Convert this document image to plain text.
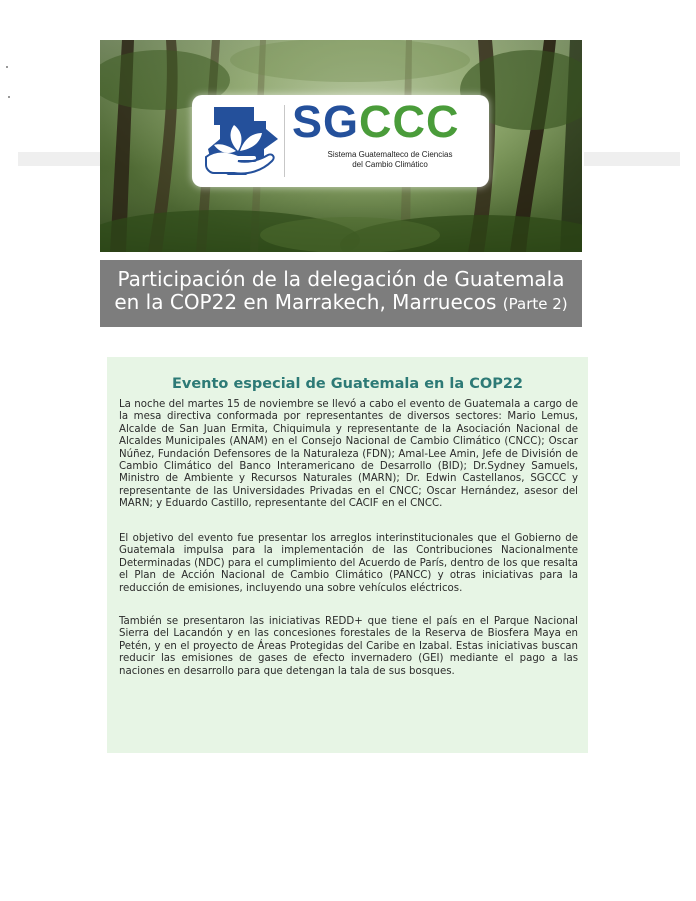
SGCCC
Sistema Guatemalteco de Ciencias
del Cambio Climático
Participación de la delegación de Guatemala
en la COP22 en Marrakech, Marruecos (Parte 2)
Evento especial de Guatemala en la COP22

La noche del martes 15 de noviembre se llevó a cabo el evento de Guatemala a cargo de la mesa directiva conformada por representantes de diversos sectores: Mario Lemus, Alcalde de San Juan Ermita, Chiquimula y representante de la Asociación Nacional de Alcaldes Municipales (ANAM) en el Consejo Nacional de Cambio Climático (CNCC); Oscar Núñez, Fundación Defensores de la Naturaleza (FDN); Amal-Lee Amin, Jefe de División de Cambio Climático del Banco Interamericano de Desarrollo (BID); Dr.Sydney Samuels, Ministro de Ambiente y Recursos Naturales (MARN); Dr. Edwin Castellanos, SGCCC y representante de las Universidades Privadas en el CNCC; Oscar Hernández, asesor del MARN; y Eduardo Castillo, representante del CACIF en el CNCC.

El objetivo del evento fue presentar los arreglos interinstitucionales que el Gobierno de Guatemala impulsa para la implementación de las Contribuciones Nacionalmente Determinadas (NDC) para el cumplimiento del Acuerdo de París, dentro de los que resalta el Plan de Acción Nacional de Cambio Climático (PANCC) y otras iniciativas para la reducción de emisiones, incluyendo una sobre vehículos eléctricos.

También se presentaron las iniciativas REDD+ que tiene el país en el Parque Nacional Sierra del Lacandón y en las concesiones forestales de la Reserva de Biosfera Maya en Petén, y en el proyecto de Áreas Protegidas del Caribe en Izabal. Estas iniciativas buscan reducir las emisiones de gases de efecto invernadero (GEI) mediante el pago a las naciones en desarrollo para que detengan la tala de sus bosques.
